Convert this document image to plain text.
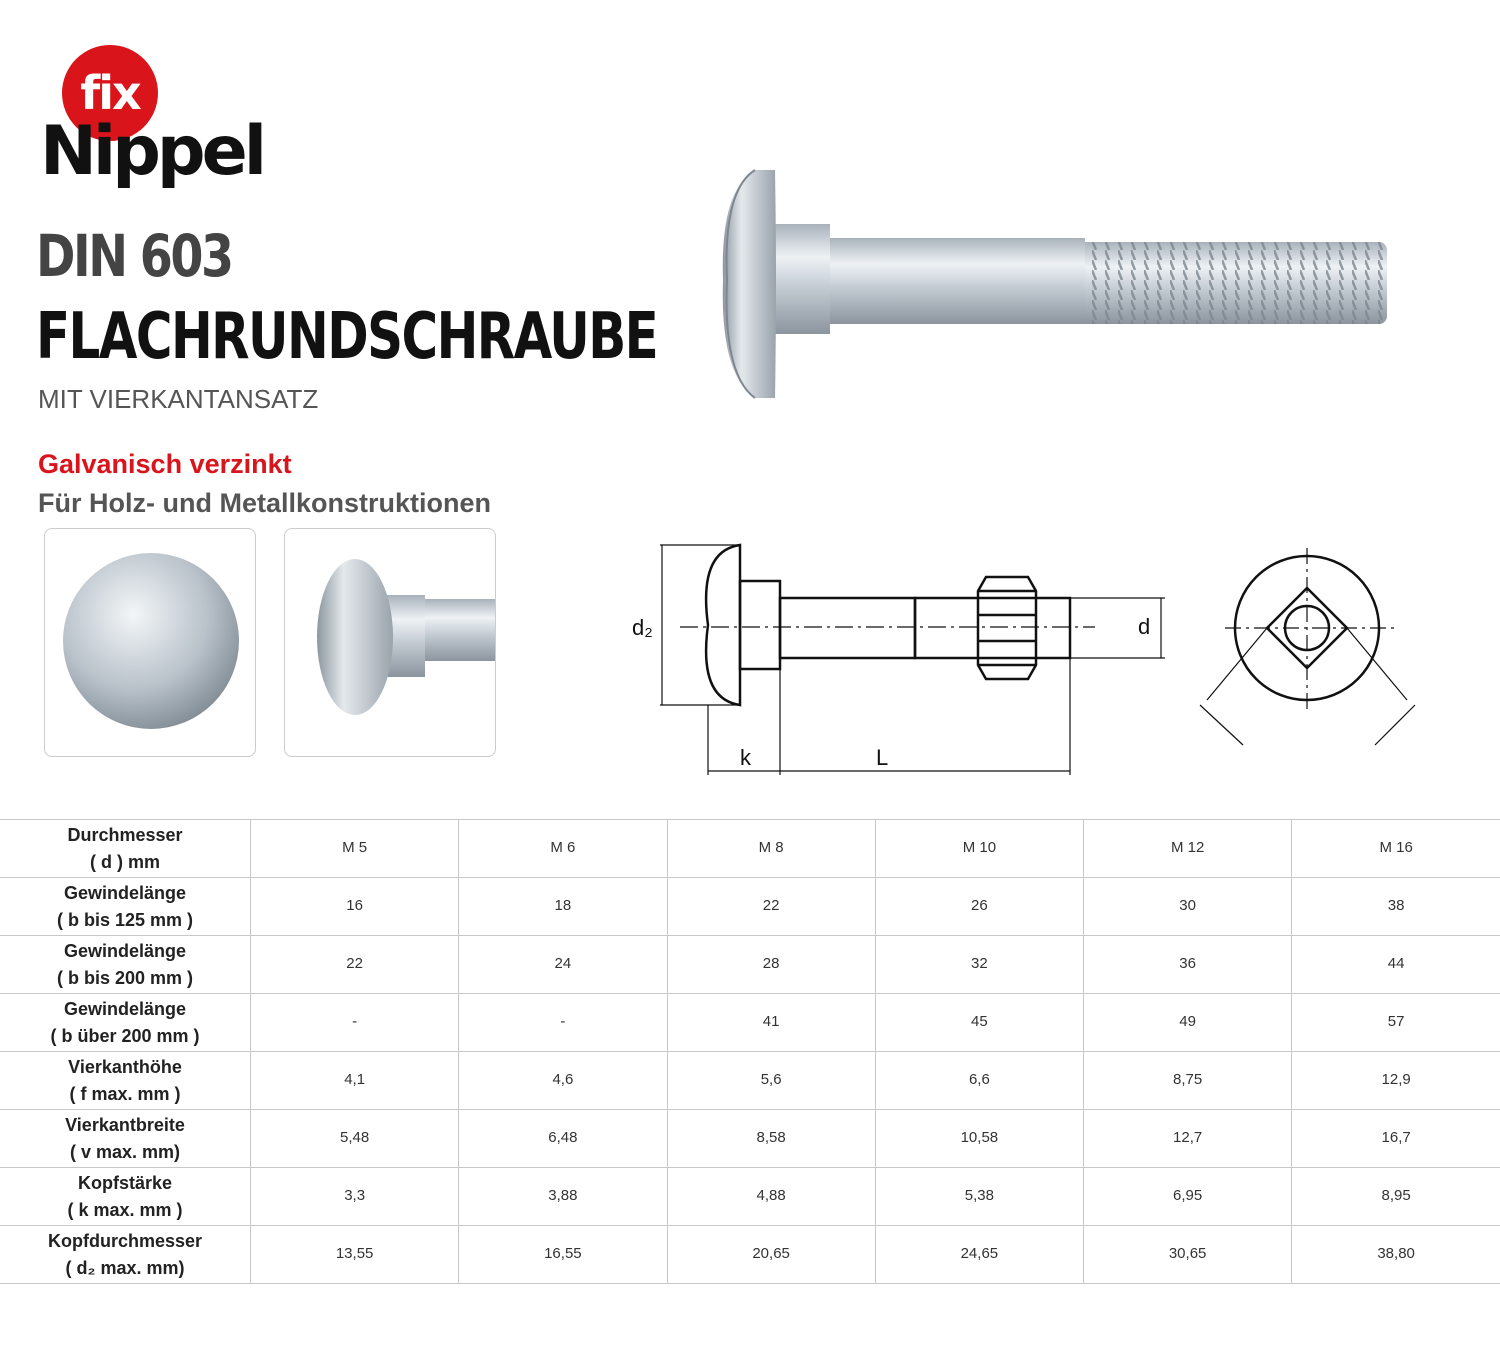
fix
Nippel
DIN 603
FLACHRUNDSCHRAUBE
MIT VIERKANTANSATZ
Galvanisch verzinkt
Für Holz- und Metallkonstruktionen
d₂	d
k	L
Durchmesser
( d ) mm	M 5	M 6	M 8	M 10	M 12	M 16

Gewindelänge
( b bis 125 mm )	16	18	22	26	30	38

Gewindelänge
( b bis 200 mm )	22	24	28	32	36	44

Gewindelänge
( b über 200 mm )	-	-	41	45	49	57

Vierkanthöhe
( f max. mm )	4,1	4,6	5,6	6,6	8,75	12,9

Vierkantbreite
( v max. mm)	5,48	6,48	8,58	10,58	12,7	16,7

Kopfstärke
( k max. mm )	3,3	3,88	4,88	5,38	6,95	8,95

Kopfdurchmesser
( d₂ max. mm)	13,55	16,55	20,65	24,65	30,65	38,80
